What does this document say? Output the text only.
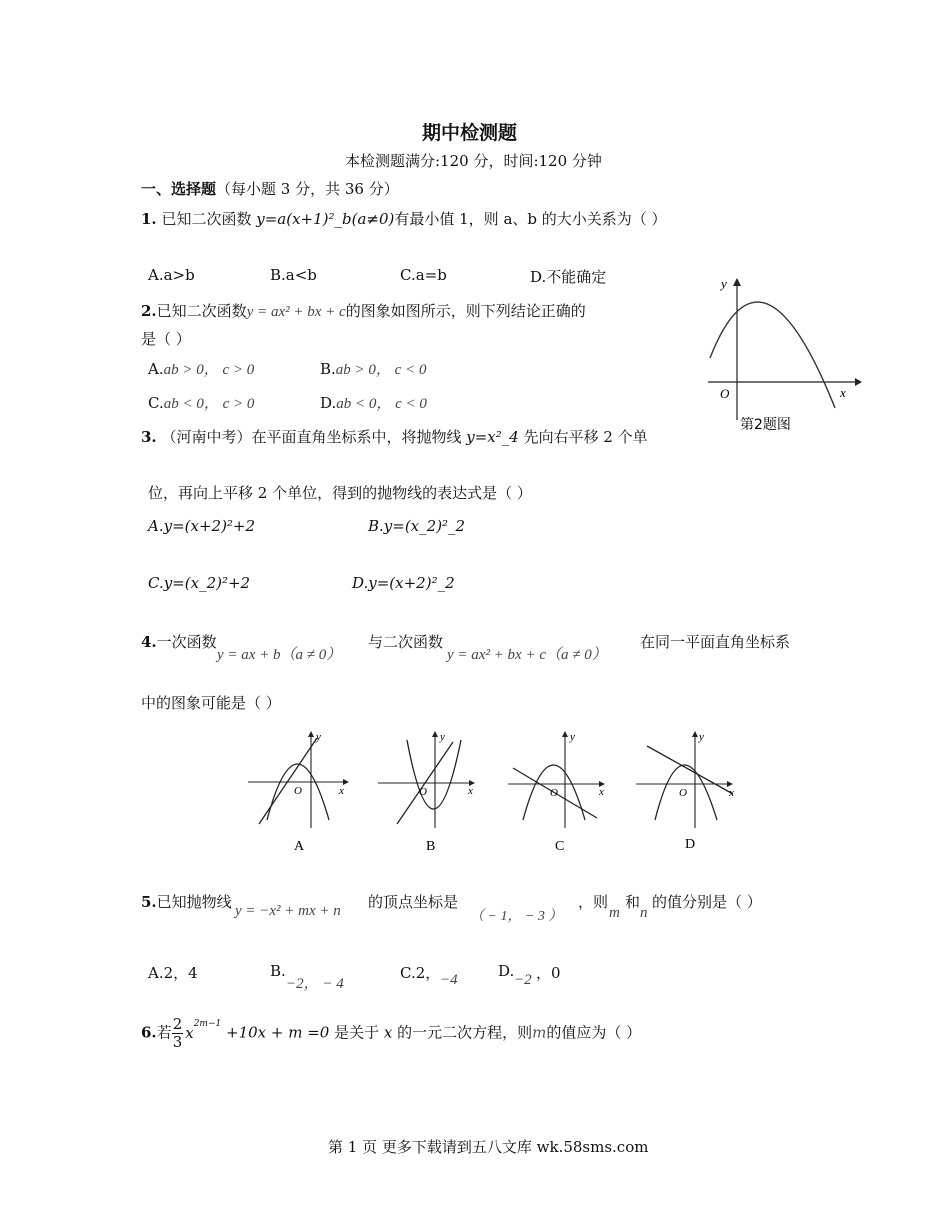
期中检测题
本检测题满分:120 分，时间:120 分钟
一、选择题（每小题 3 分，共 36 分）
1. 已知二次函数 y=a(x+1)²_b(a≠0)有最小值 1，则 a、b 的大小关系为（ ）
A.a>b	B.a<b	C.a=b	D.不能确定
2.已知二次函数y = ax² + bx + c的图象如图所示，则下列结论正确的
是（ ）
A.ab > 0， c > 0	B.ab > 0， c < 0
C.ab < 0， c > 0	D.ab < 0， c < 0
y
x
O
第2题图
3. （河南中考）在平面直角坐标系中，将抛物线 y=x²_4 先向右平移 2 个单
位，再向上平移 2 个单位，得到的抛物线的表达式是（ ）
A.y=(x+2)²+2	B.y=(x_2)²_2
C.y=(x_2)²+2	D.y=(x+2)²_2
4.一次函数
y = ax + b（a ≠ 0）
与二次函数
y = ax² + bx + c（a ≠ 0）
在同一平面直角坐标系
中的图象可能是（ ）
y
x
O
A
y
x
O
B
y
x
O
C
y
x
O
D
5.已知抛物线 y = −x² + mx + n 的顶点坐标是
（ − 1， − 3 ）
，则
m
和
n
的值分别是（ ）
A.2，4	B.
−2， − 4
C.2， −4	D. −2 ，0
6.若 $\frac{2}{3} x^{2m-1} +10x + m =0$ 是关于 x 的一元二次方程，则m的值应为（ ）
第 1 页 更多下载请到五八文库 wk.58sms.com
